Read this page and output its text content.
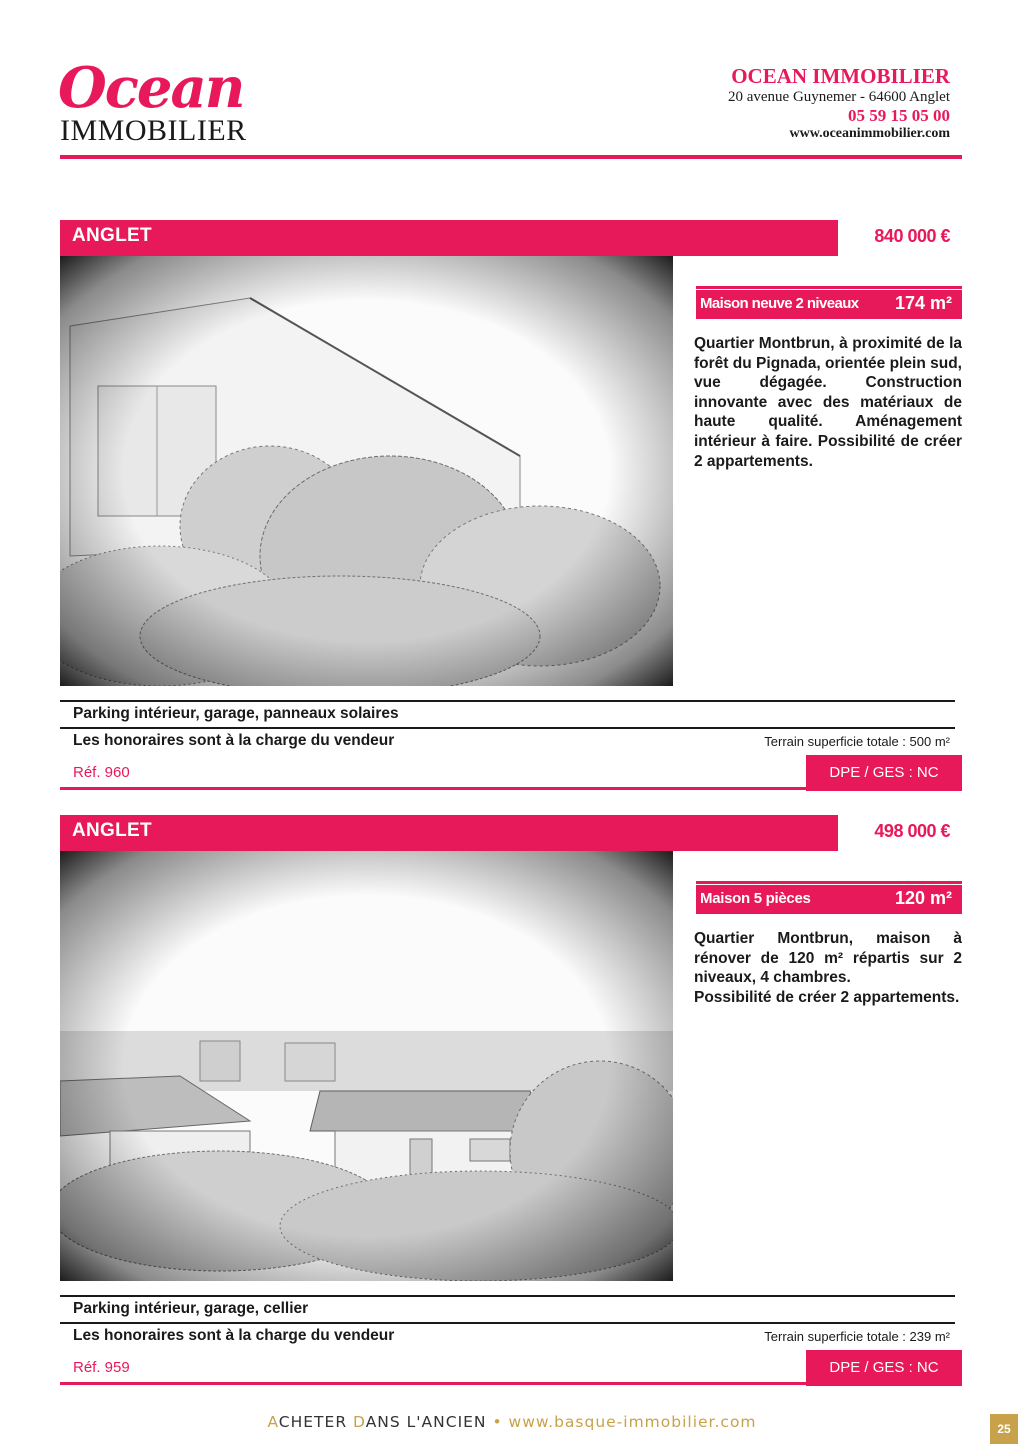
Ocean
IMMOBILIER
OCEAN IMMOBILIER
20 avenue Guynemer - 64600 Anglet
05 59 15 05 00
www.oceanimmobilier.com
ANGLET	840 000 €
Maison neuve 2 niveaux 174 m²

Quartier Montbrun, à proximité de la forêt du Pignada, orientée plein sud, vue dégagée. Construction innovante avec des matériaux de haute qualité. Aménagement intérieur à faire. Possibilité de créer 2 appartements.

Parking intérieur, garage, panneaux solaires
Les honoraires sont à la charge du vendeur	Terrain superficie totale : 500 m²
Réf. 960	DPE / GES : NC
ANGLET	498 000 €
Maison 5 pièces	120 m²

Quartier Montbrun, maison à rénover de 120 m² répartis sur 2 niveaux, 4 chambres.

Possibilité de créer 2 appartements.

Parking intérieur, garage, cellier
Les honoraires sont à la charge du vendeur	Terrain superficie totale : 239 m²
Réf. 959	DPE / GES : NC
ACHETER DANS L'ANCIEN • www.basque-immobilier.com	25
